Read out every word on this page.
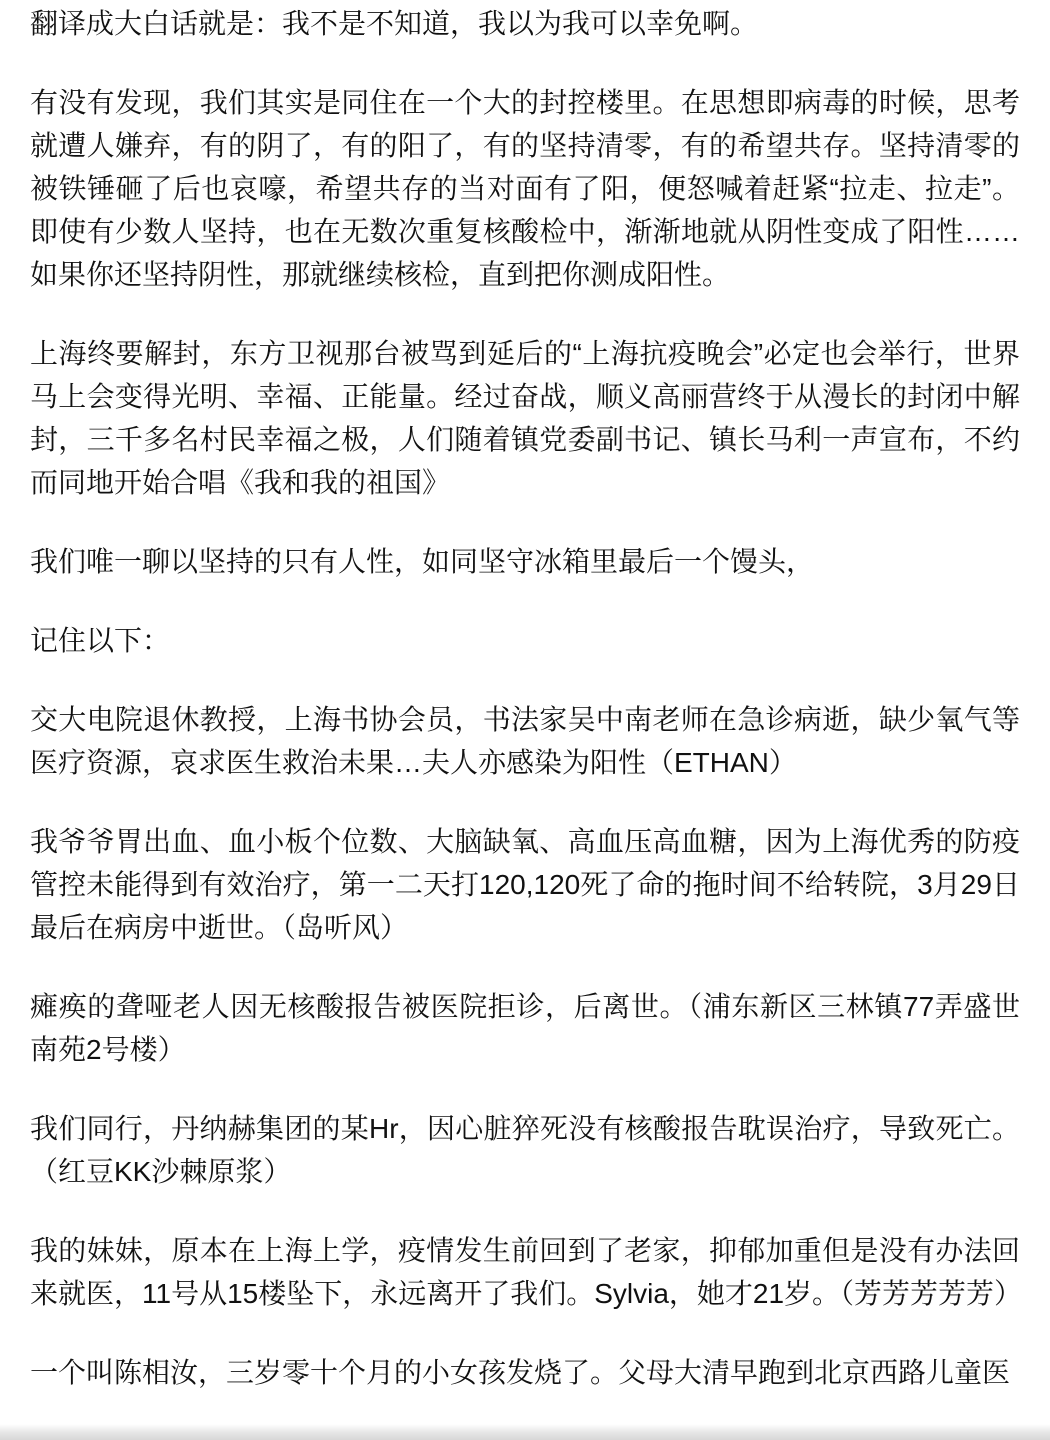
翻译成大白话就是：我不是不知道，我以为我可以幸免啊。

有没有发现，我们其实是同住在一个大的封控楼里。在思想即病毒的时候，思考就遭人嫌弃，有的阴了，有的阳了，有的坚持清零，有的希望共存。坚持清零的被铁锤砸了后也哀嚎，希望共存的当对面有了阳，便怒喊着赶紧“拉走、拉走”。即使有少数人坚持，也在无数次重复核酸检中，渐渐地就从阴性变成了阳性……如果你还坚持阴性，那就继续核检，直到把你测成阳性。

上海终要解封，东方卫视那台被骂到延后的“上海抗疫晚会”必定也会举行，世界马上会变得光明、幸福、正能量。经过奋战，顺义高丽营终于从漫长的封闭中解封，三千多名村民幸福之极，人们随着镇党委副书记、镇长马利一声宣布，不约而同地开始合唱《我和我的祖国》

我们唯一聊以坚持的只有人性，如同坚守冰箱里最后一个馒头，

记住以下：

交大电院退休教授，上海书协会员，书法家吴中南老师在急诊病逝，缺少氧气等医疗资源，哀求医生救治未果…夫人亦感染为阳性（ETHAN）

我爷爷胃出血、血小板个位数、大脑缺氧、高血压高血糖，因为上海优秀的防疫管控未能得到有效治疗，第一二天打120,120死了命的拖时间不给转院，3月29日最后在病房中逝世。（岛听风）

瘫痪的聋哑老人因无核酸报告被医院拒诊，后离世。（浦东新区三林镇77弄盛世南苑2号楼）

我们同行，丹纳赫集团的某Hr，因心脏猝死没有核酸报告耽误治疗，导致死亡。（红豆KK沙棘原浆）

我的妹妹，原本在上海上学，疫情发生前回到了老家，抑郁加重但是没有办法回来就医，11号从15楼坠下，永远离开了我们。Sylvia，她才21岁。（芳芳芳芳芳）

一个叫陈相汝，三岁零十个月的小女孩发烧了。父母大清早跑到北京西路儿童医
